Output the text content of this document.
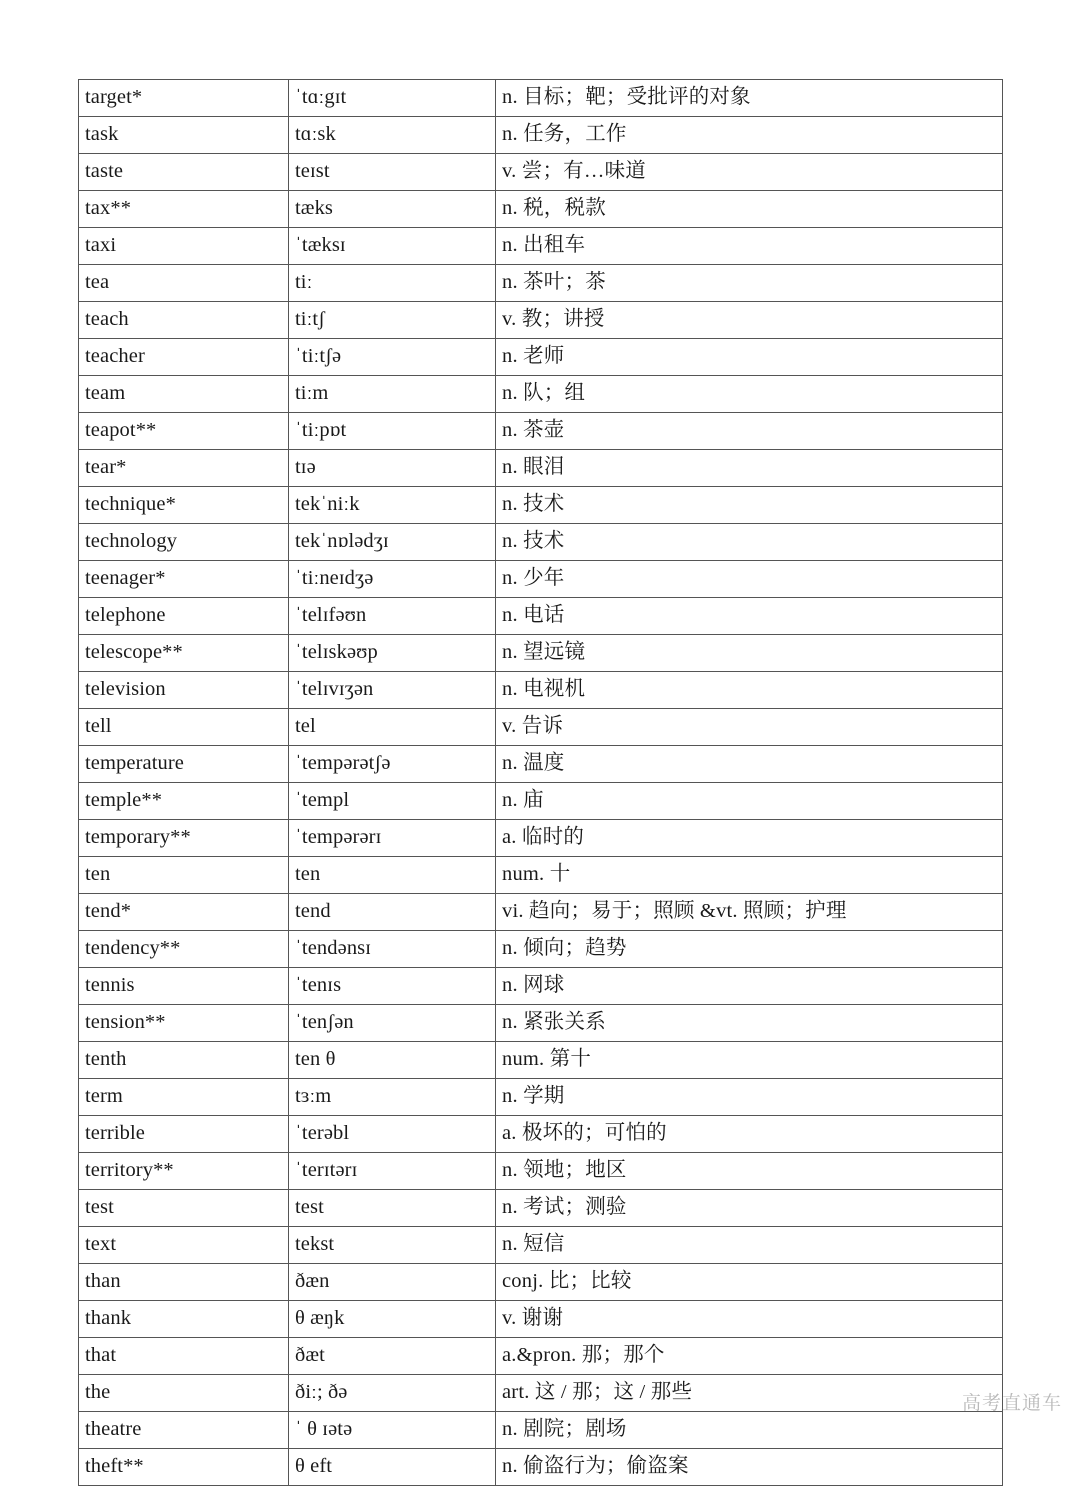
高考直通车
target*	ˈtɑːgɪt	n. 目标；靶；受批评的对象
task	tɑːsk	n. 任务，工作
taste	teɪst	v. 尝；有…味道
tax**	tæks	n. 税，税款
taxi	ˈtæksɪ	n. 出租车
tea	tiː	n. 茶叶；茶
teach	tiːtʃ	v. 教；讲授
teacher	ˈtiːtʃə	n. 老师
team	tiːm	n. 队；组
teapot**	ˈtiːpɒt	n. 茶壶
tear*	tɪə	n. 眼泪
technique*	tekˈniːk	n. 技术
technology	tekˈnɒlədʒɪ	n. 技术
teenager*	ˈtiːneɪdʒə	n. 少年
telephone	ˈtelɪfəʊn	n. 电话
telescope**	ˈtelɪskəʊp	n. 望远镜
television	ˈtelɪvɪʒən	n. 电视机
tell	tel	v. 告诉
temperature	ˈtempərətʃə	n. 温度
temple**	ˈtempl	n. 庙
temporary**	ˈtempərərɪ	a. 临时的
ten	ten	num. 十
tend*	tend	vi. 趋向；易于；照顾 &vt. 照顾；护理
tendency**	ˈtendənsɪ	n. 倾向；趋势
tennis	ˈtenɪs	n. 网球
tension**	ˈtenʃən	n. 紧张关系
tenth	ten θ	num. 第十
term	tɜːm	n. 学期
terrible	ˈterəbl	a. 极坏的；可怕的
territory**	ˈterɪtərɪ	n. 领地；地区
test	test	n. 考试；测验
text	tekst	n. 短信
than	ðæn	conj. 比；比较
thank	θ æŋk	v. 谢谢
that	ðæt	a.&pron. 那；那个
the	ðiː; ðə	art. 这 / 那；这 / 那些
theatre	ˈ θ ɪətə	n. 剧院；剧场
theft**	θ eft	n. 偷盗行为；偷盗案
